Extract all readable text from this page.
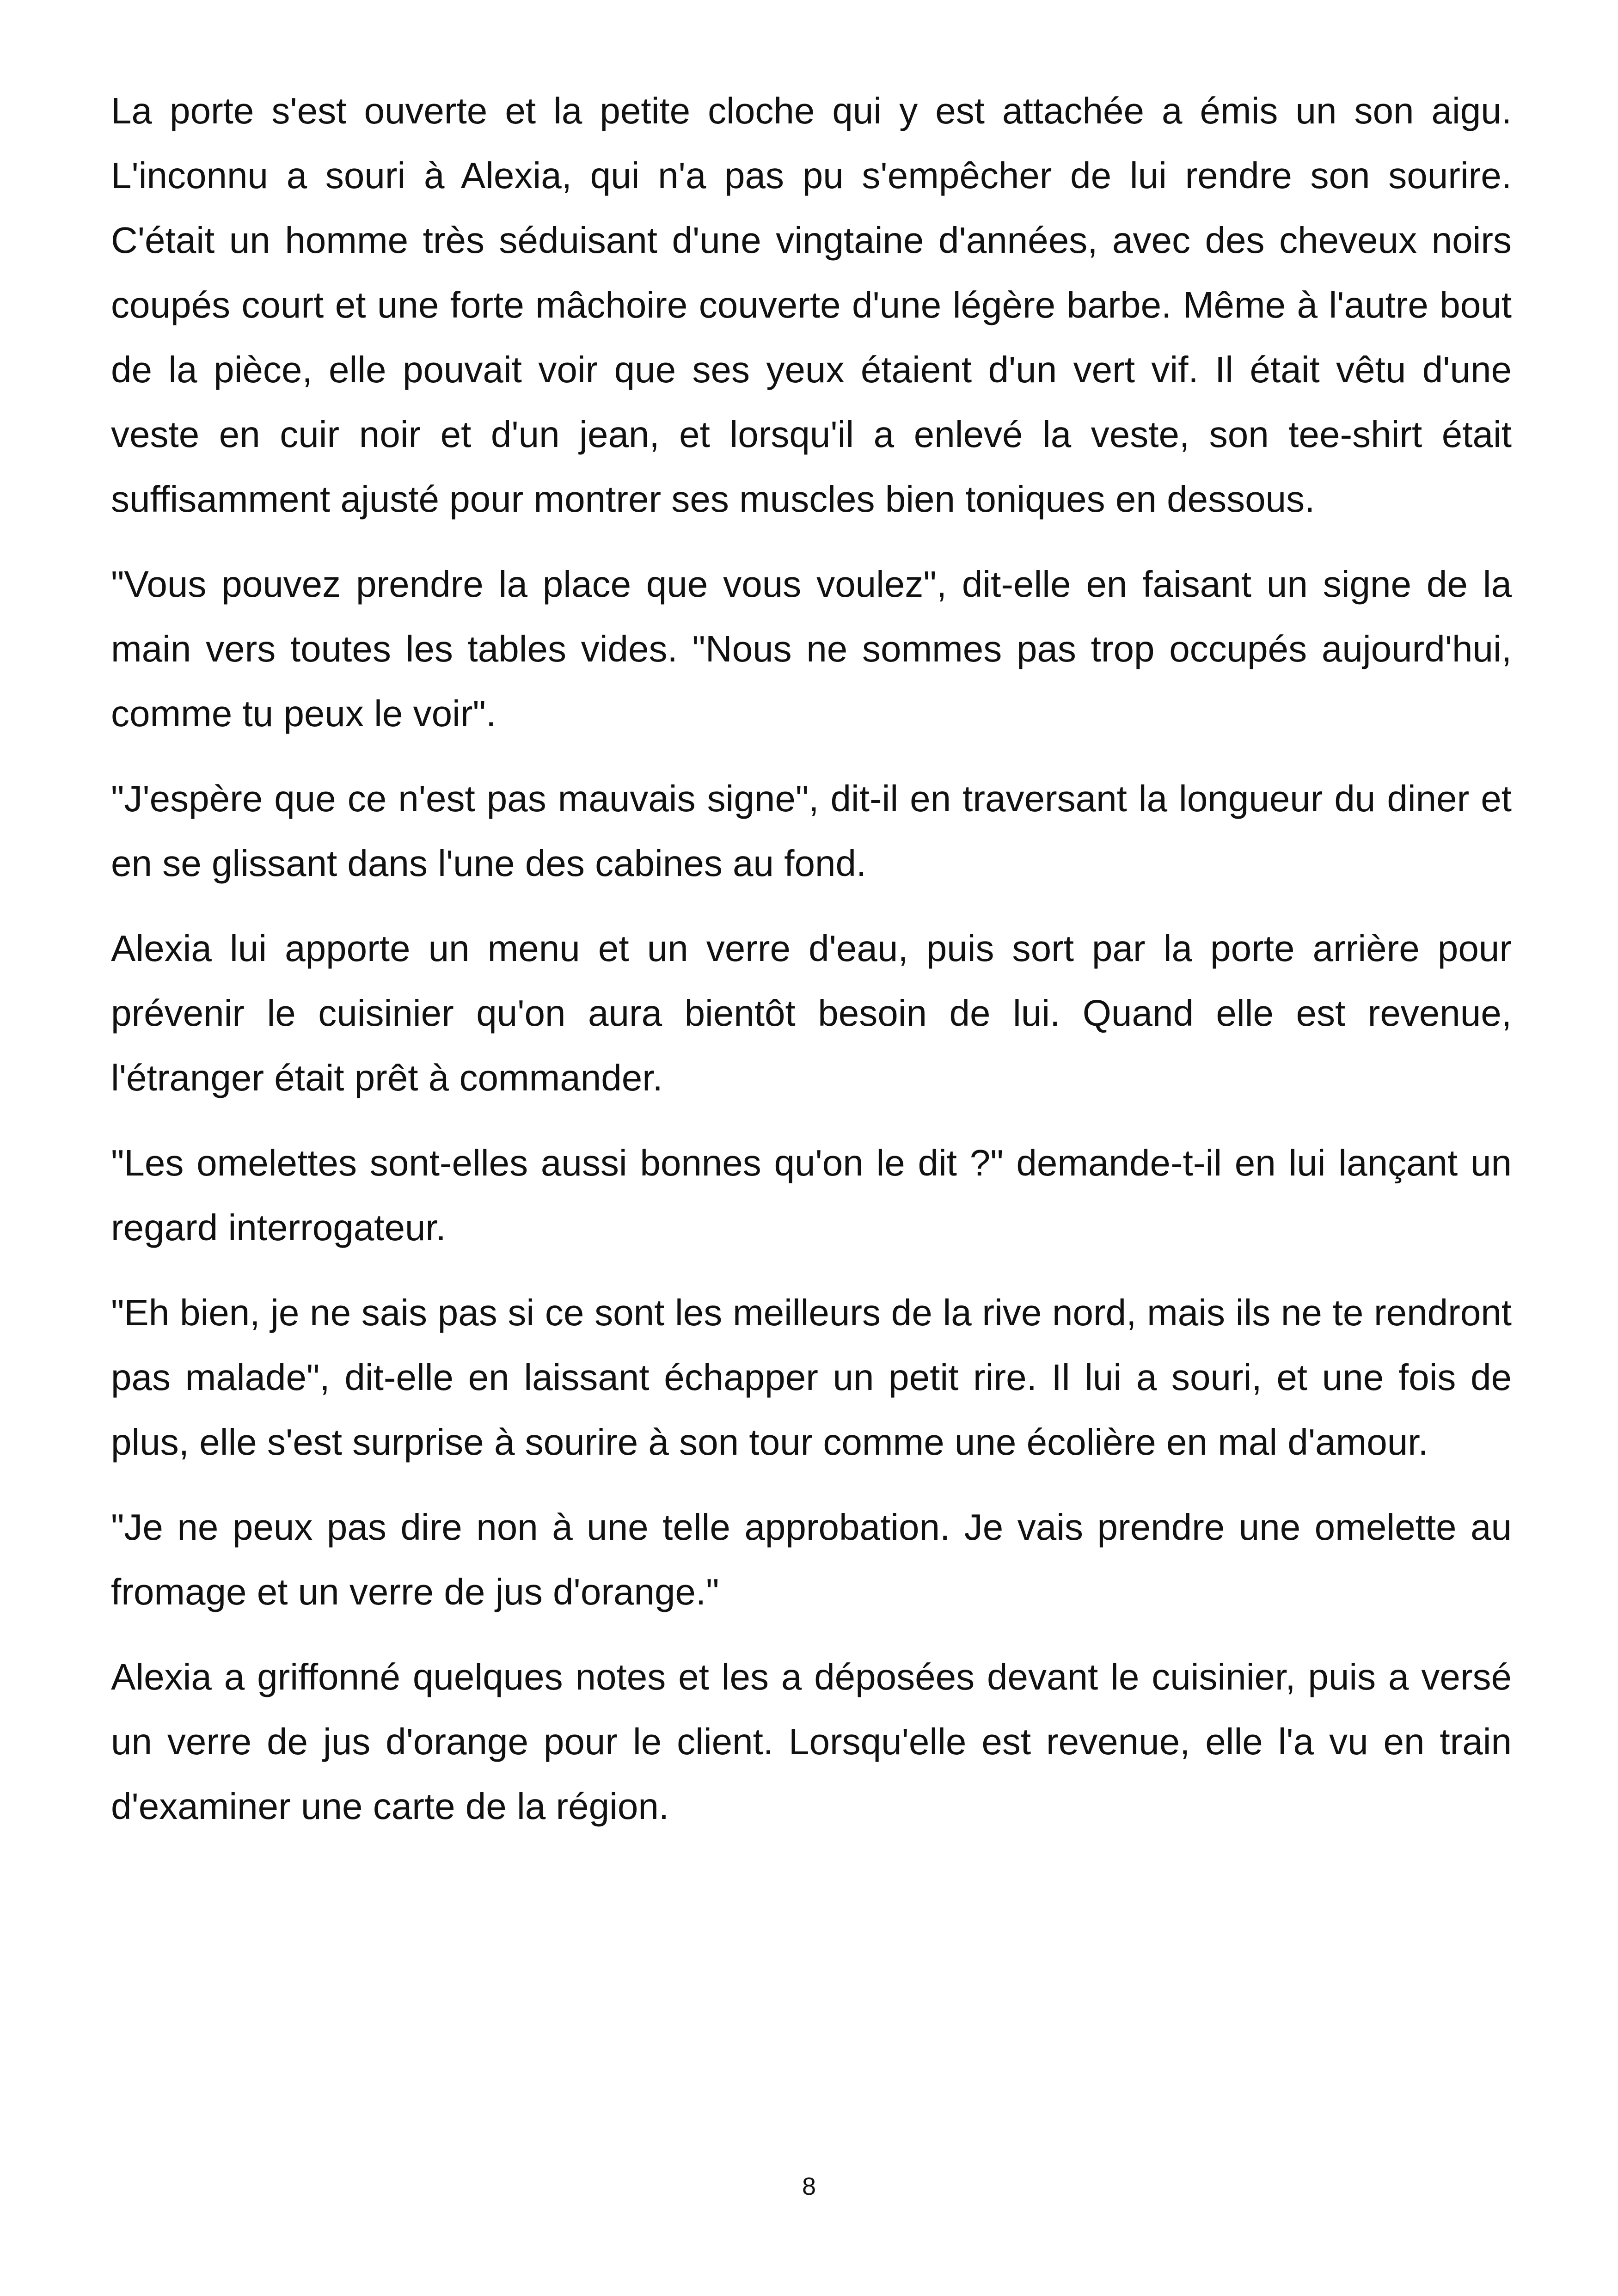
La porte s'est ouverte et la petite cloche qui y est attachée a émis un son aigu. L'inconnu a souri à Alexia, qui n'a pas pu s'empêcher de lui rendre son sourire. C'était un homme très séduisant d'une vingtaine d'années, avec des cheveux noirs coupés court et une forte mâchoire couverte d'une légère barbe. Même à l'autre bout de la pièce, elle pouvait voir que ses yeux étaient d'un vert vif. Il était vêtu d'une veste en cuir noir et d'un jean, et lorsqu'il a enlevé la veste, son tee-shirt était suffisamment ajusté pour montrer ses muscles bien toniques en dessous.

"Vous pouvez prendre la place que vous voulez", dit-elle en faisant un signe de la main vers toutes les tables vides. "Nous ne sommes pas trop occupés aujourd'hui, comme tu peux le voir".

"J'espère que ce n'est pas mauvais signe", dit-il en traversant la longueur du diner et en se glissant dans l'une des cabines au fond.

Alexia lui apporte un menu et un verre d'eau, puis sort par la porte arrière pour prévenir le cuisinier qu'on aura bientôt besoin de lui. Quand elle est revenue, l'étranger était prêt à commander.

"Les omelettes sont-elles aussi bonnes qu'on le dit ?" demande-t-il en lui lançant un regard interrogateur.

"Eh bien, je ne sais pas si ce sont les meilleurs de la rive nord, mais ils ne te rendront pas malade", dit-elle en laissant échapper un petit rire. Il lui a souri, et une fois de plus, elle s'est surprise à sourire à son tour comme une écolière en mal d'amour.

"Je ne peux pas dire non à une telle approbation. Je vais prendre une omelette au fromage et un verre de jus d'orange."

Alexia a griffonné quelques notes et les a déposées devant le cuisinier, puis a versé un verre de jus d'orange pour le client. Lorsqu'elle est revenue, elle l'a vu en train d'examiner une carte de la région.

8
